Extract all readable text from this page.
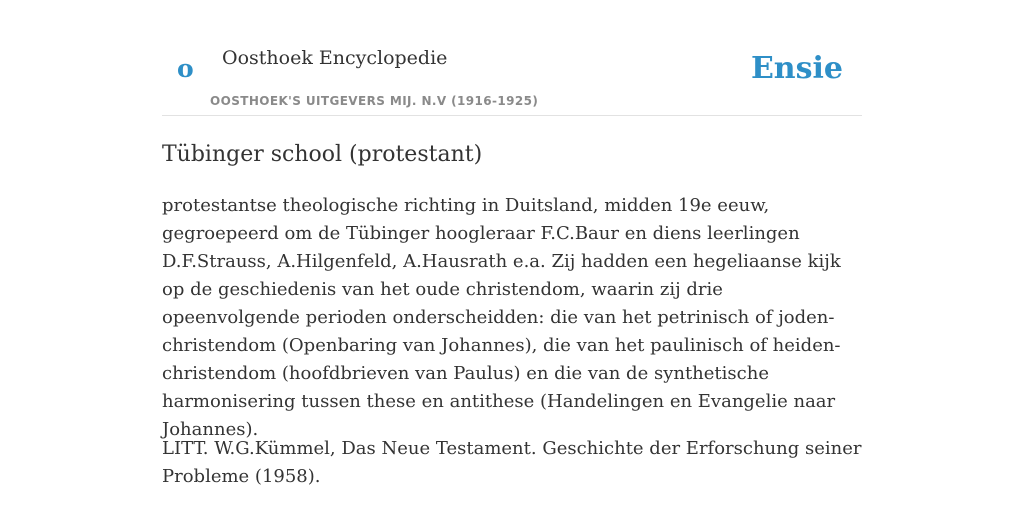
o Oosthoek Encyclopedie
OOSTHOEK'S UITGEVERS MIJ. N.V (1916-1925)
Ensie
Tübinger school (protestant)

protestantse theologische richting in Duitsland, midden 19e eeuw, gegroepeerd om de Tübinger hoogleraar F.C.Baur en diens leerlingen D.F.Strauss, A.Hilgenfeld, A.Hausrath e.a. Zij hadden een hegeliaanse kijk op de geschiedenis van het oude christendom, waarin zij drie opeenvolgende perioden onderscheidden: die van het petrinisch of joden-christendom (Openbaring van Johannes), die van het paulinisch of heiden-christendom (hoofdbrieven van Paulus) en die van de synthetische harmonisering tussen these en antithese (Handelingen en Evangelie naar Johannes).

LITT. W.G.Kümmel, Das Neue Testament. Geschichte der Erforschung seiner Probleme (1958).
